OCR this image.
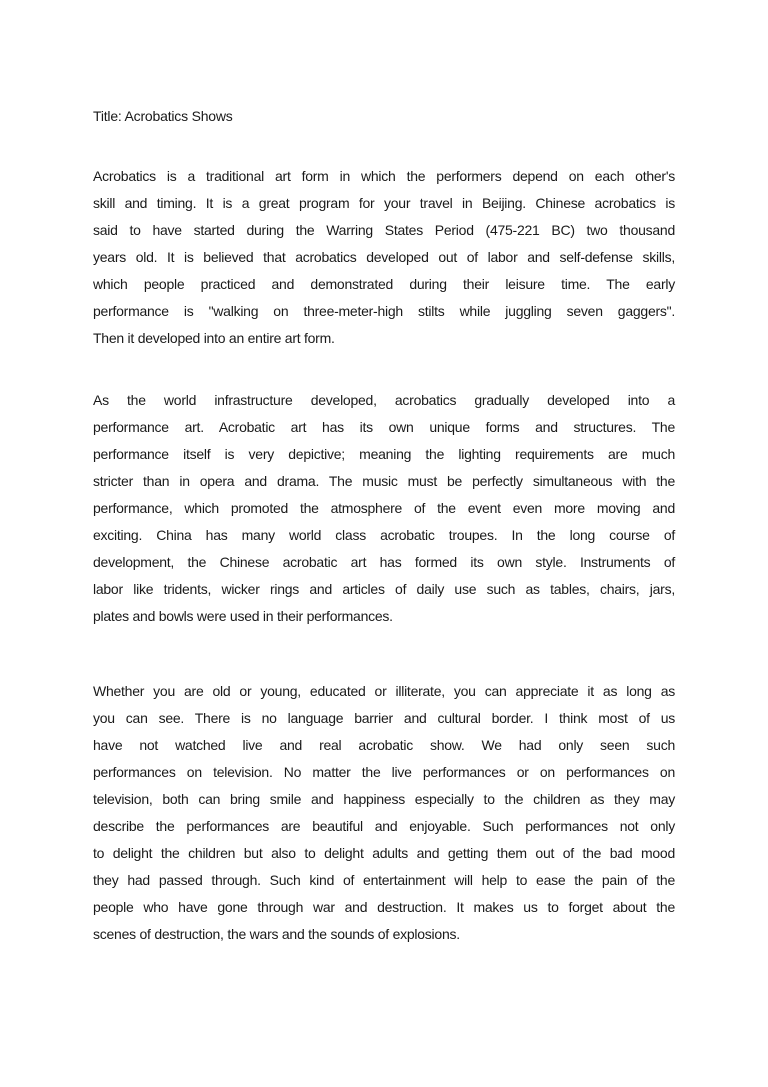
Title: Acrobatics Shows
Acrobatics is a traditional art form in which the performers depend on each other's
skill and timing. It is a great program for your travel in Beijing. Chinese acrobatics is
said to have started during the Warring States Period (475-221 BC) two thousand
years old. It is believed that acrobatics developed out of labor and self-defense skills,
which people practiced and demonstrated during their leisure time. The early
performance is "walking on three-meter-high stilts while juggling seven gaggers".
Then it developed into an entire art form.
As the world infrastructure developed, acrobatics gradually developed into a
performance art. Acrobatic art has its own unique forms and structures. The
performance itself is very depictive; meaning the lighting requirements are much
stricter than in opera and drama. The music must be perfectly simultaneous with the
performance, which promoted the atmosphere of the event even more moving and
exciting. China has many world class acrobatic troupes. In the long course of
development, the Chinese acrobatic art has formed its own style. Instruments of
labor like tridents, wicker rings and articles of daily use such as tables, chairs, jars,
plates and bowls were used in their performances.
Whether you are old or young, educated or illiterate, you can appreciate it as long as
you can see. There is no language barrier and cultural border. I think most of us
have not watched live and real acrobatic show. We had only seen such
performances on television. No matter the live performances or on performances on
television, both can bring smile and happiness especially to the children as they may
describe the performances are beautiful and enjoyable. Such performances not only
to delight the children but also to delight adults and getting them out of the bad mood
they had passed through. Such kind of entertainment will help to ease the pain of the
people who have gone through war and destruction. It makes us to forget about the
scenes of destruction, the wars and the sounds of explosions.
